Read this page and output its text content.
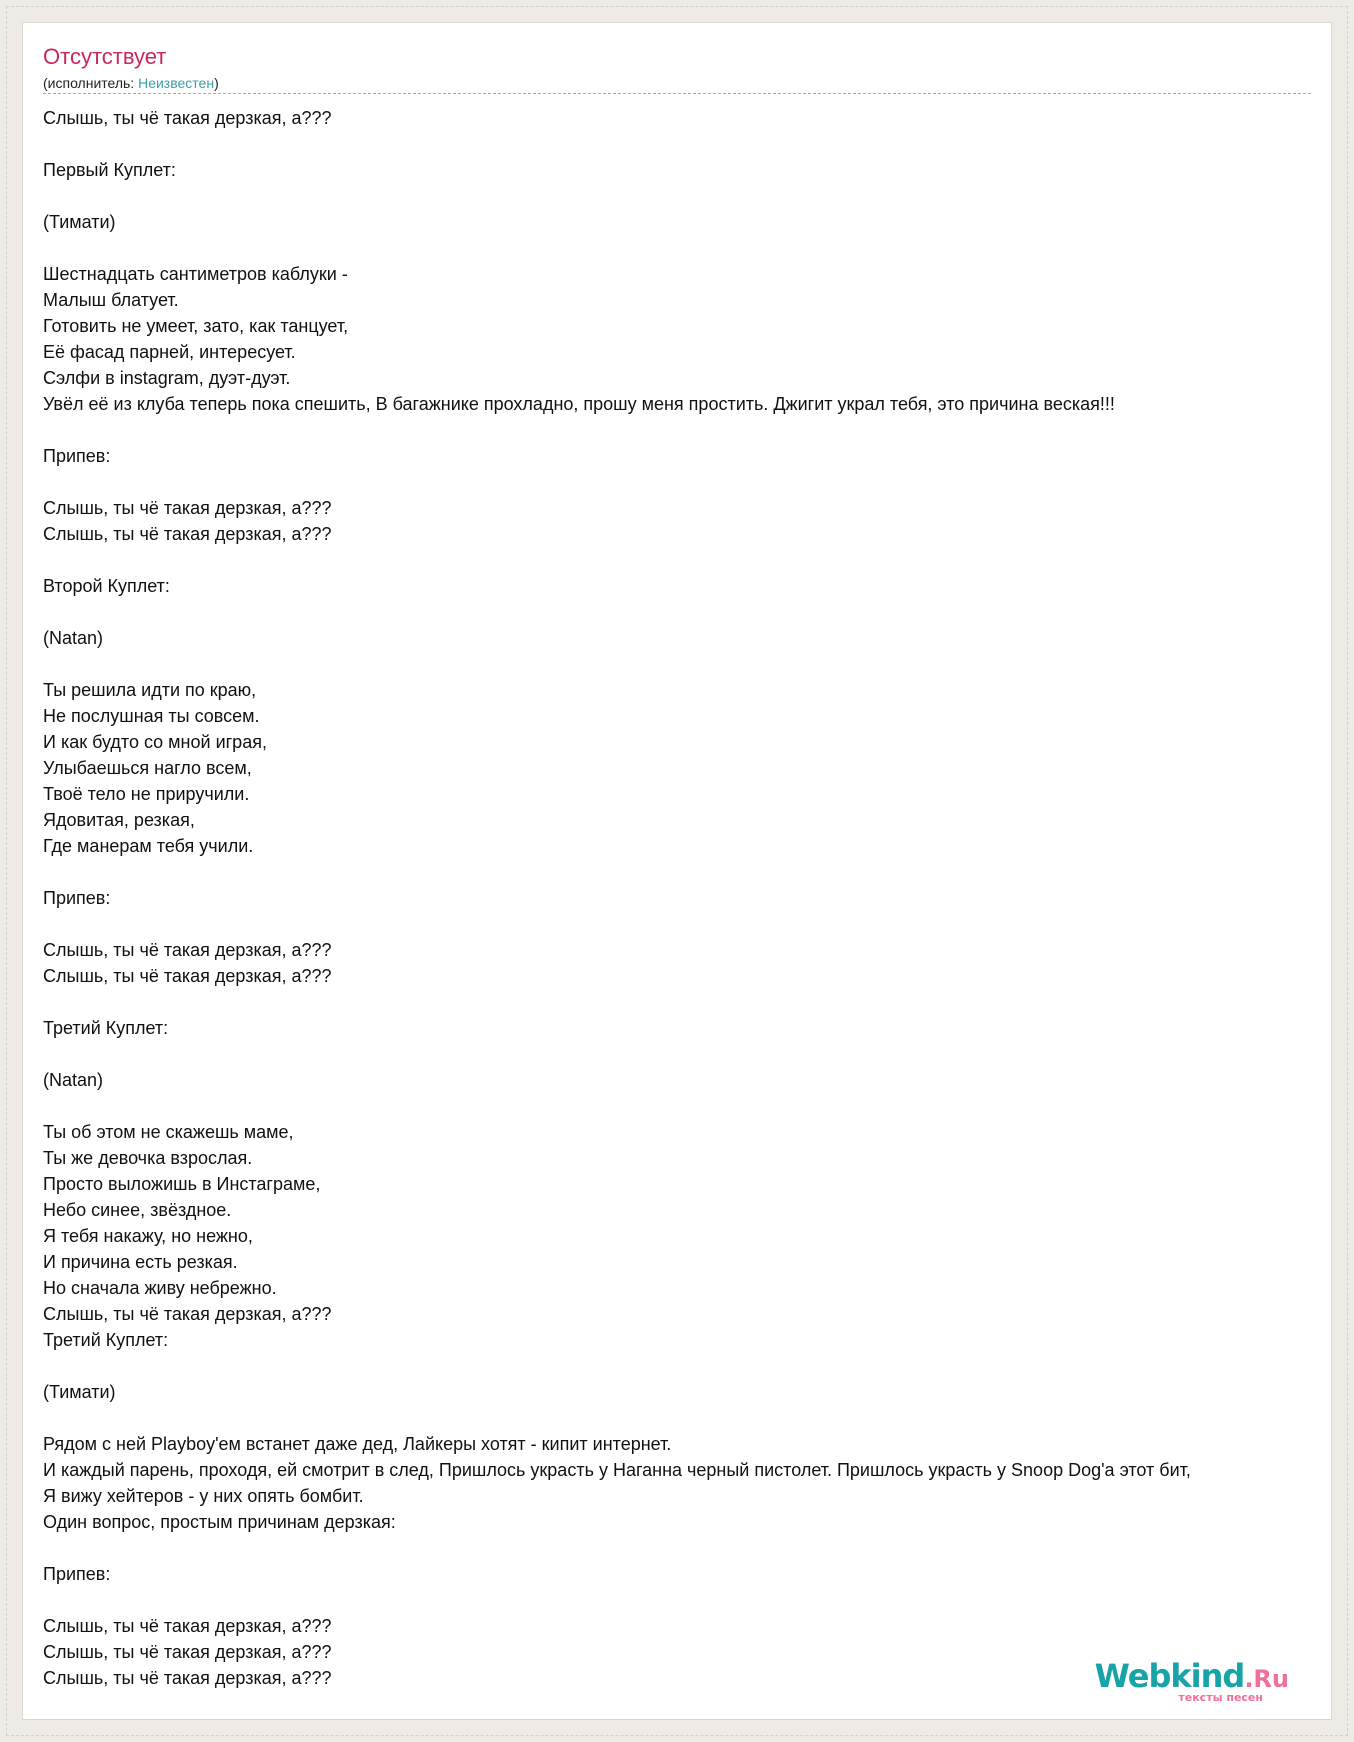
Отсутствует
(исполнитель: Неизвестен)
Слышь, ты чё такая дерзкая, а???
Первый Куплет:
(Тимати)
Шестнадцать сантиметров каблуки -
Малыш блатует.
Готовить не умеет, зато, как танцует,
Её фасад парней, интересует.
Сэлфи в instagram, дуэт-дуэт.
Увёл её из клуба теперь пока спешить, В багажнике прохладно, прошу меня простить. Джигит украл тебя, это причина веская!!!
Припев:
Слышь, ты чё такая дерзкая, а???
Слышь, ты чё такая дерзкая, а???
Второй Куплет:
(Natan)
Ты решила идти по краю,
Не послушная ты совсем.
И как будто со мной играя,
Улыбаешься нагло всем,
Твоё тело не приручили.
Ядовитая, резкая,
Где манерам тебя учили.
Припев:
Слышь, ты чё такая дерзкая, а???
Слышь, ты чё такая дерзкая, а???
Третий Куплет:
(Natan)
Ты об этом не скажешь маме,
Ты же девочка взрослая.
Просто выложишь в Инстаграме,
Небо синее, звёздное.
Я тебя накажу, но нежно,
И причина есть резкая.
Но сначала живу небрежно.
Слышь, ты чё такая дерзкая, а???
Третий Куплет:
(Тимати)
Рядом с ней Playboy'ем встанет даже дед, Лайкеры хотят - кипит интернет.
И каждый парень, проходя, ей смотрит в след, Пришлось украсть у Наганна черный пистолет. Пришлось украсть у Snoop Dog'a этот бит,
Я вижу хейтеров - у них опять бомбит.
Один вопрос, простым причинам дерзкая:
Припев:
Слышь, ты чё такая дерзкая, а???
Слышь, ты чё такая дерзкая, а???
Слышь, ты чё такая дерзкая, а???	Webkind.Ru
тексты песен
